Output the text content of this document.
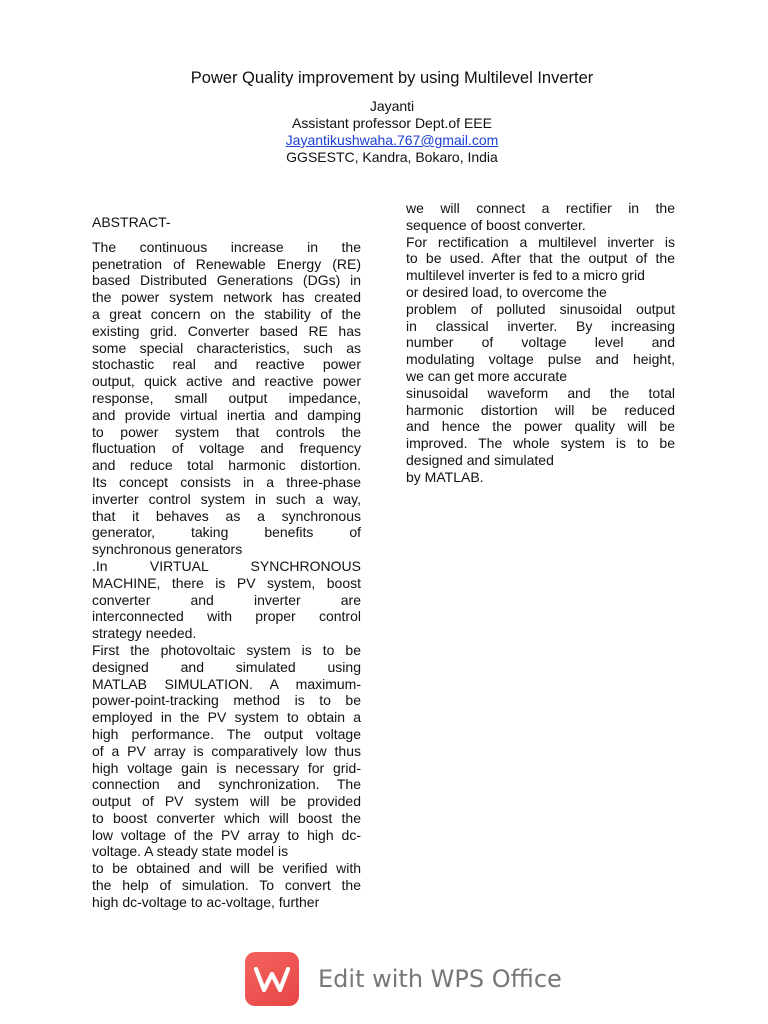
Power Quality improvement by using Multilevel Inverter
Jayanti
Assistant professor Dept.of EEE
Jayantikushwaha.767@gmail.com
GGSESTC, Kandra, Bokaro, India
ABSTRACT-
The continuous increase in the
penetration of Renewable Energy (RE)
based Distributed Generations (DGs) in
the power system network has created
a great concern on the stability of the
existing grid. Converter based RE has
some special characteristics, such as
stochastic real and reactive power
output, quick active and reactive power
response, small output impedance,
and provide virtual inertia and damping
to power system that controls the
fluctuation of voltage and frequency
and reduce total harmonic distortion.
Its concept consists in a three-phase
inverter control system in such a way,
that it behaves as a synchronous
generator, taking benefits of
synchronous generators
.In VIRTUAL SYNCHRONOUS
MACHINE, there is PV system, boost
converter and inverter are
interconnected with proper control
strategy needed.
First the photovoltaic system is to be
designed and simulated using
MATLAB SIMULATION. A maximum-
power-point-tracking method is to be
employed in the PV system to obtain a
high performance. The output voltage
of a PV array is comparatively low thus
high voltage gain is necessary for grid-
connection and synchronization. The
output of PV system will be provided
to boost converter which will boost the
low voltage of the PV array to high dc-
voltage. A steady state model is
to be obtained and will be verified with
the help of simulation. To convert the
high dc-voltage to ac-voltage, further
we will connect a rectifier in the
sequence of boost converter.
For rectification a multilevel inverter is
to be used. After that the output of the
multilevel inverter is fed to a micro grid
or desired load, to overcome the
problem of polluted sinusoidal output
in classical inverter. By increasing
number of voltage level and
modulating voltage pulse and height,
we can get more accurate
sinusoidal waveform and the total
harmonic distortion will be reduced
and hence the power quality will be
improved. The whole system is to be
designed and simulated
by MATLAB.
Edit with WPS Office
